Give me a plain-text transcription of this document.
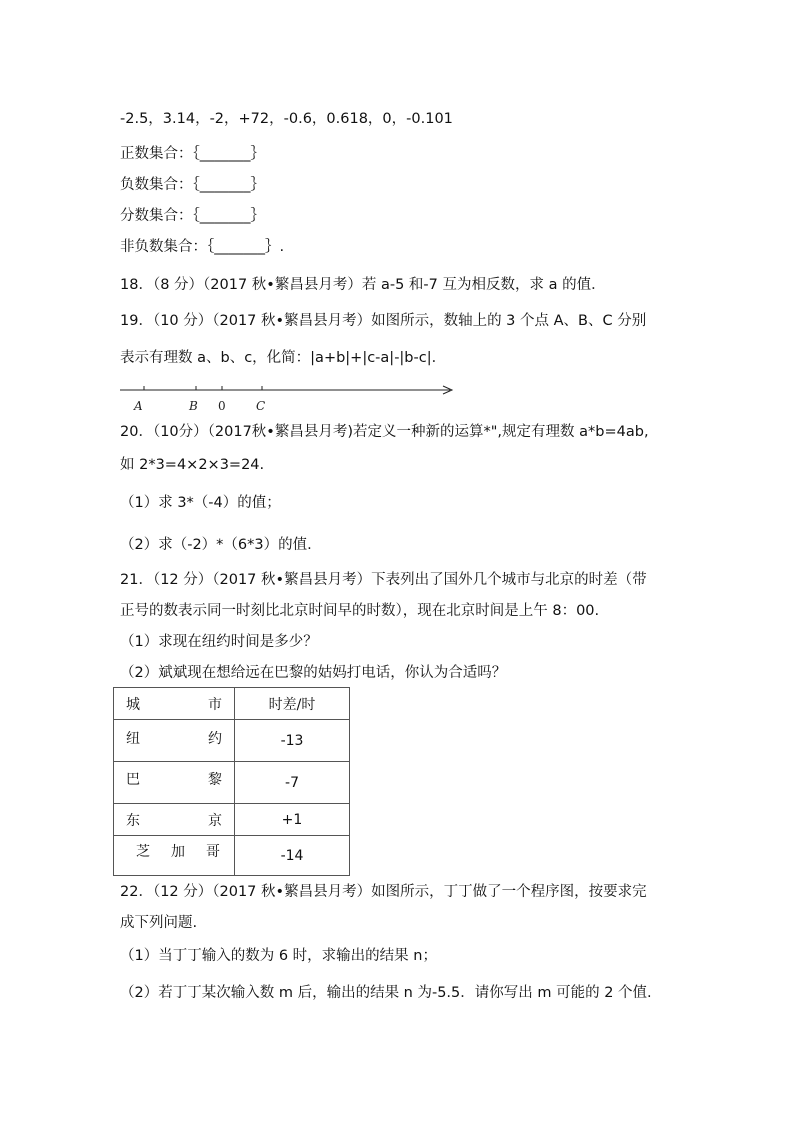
-2.5，3.14，-2，+72，-0.6，0.618，0，-0.101
正数集合：｛_______｝
负数集合：｛_______｝
分数集合：｛_______｝
非负数集合：｛_______｝.
18．（8 分）（2017 秋•繁昌县月考）若 a-5 和-7 互为相反数，求 a 的值．
19．（10 分）（2017 秋•繁昌县月考）如图所示，数轴上的 3 个点 A、B、C 分别
表示有理数 a、b、c，化简：|a+b|+|c-a|-|b-c|．
A	B 0	C
20．（10分）（2017秋•繁昌县月考)若定义一种新的运算*",规定有理数 a*b=4ab,
如 2*3=4×2×3=24.
（1）求 3*（-4）的值；
（2）求（-2）*（6*3）的值.
21．（12 分）（2017 秋•繁昌县月考）下表列出了国外几个城市与北京的时差（带
正号的数表示同一时刻比北京时间早的时数），现在北京时间是上午 8：00.
（1）求现在纽约时间是多少？
（2）斌斌现在想给远在巴黎的姑妈打电话，你认为合适吗？
城 市	时差/时

纽 约	-13

巴 黎	-7

东 京	+1

芝 加 哥	-14
22．（12 分）（2017 秋•繁昌县月考）如图所示，丁丁做了一个程序图，按要求完
成下列问题.
（1）当丁丁输入的数为 6 时，求输出的结果 n；
（2）若丁丁某次输入数 m 后，输出的结果 n 为-5.5．请你写出 m 可能的 2 个值.
